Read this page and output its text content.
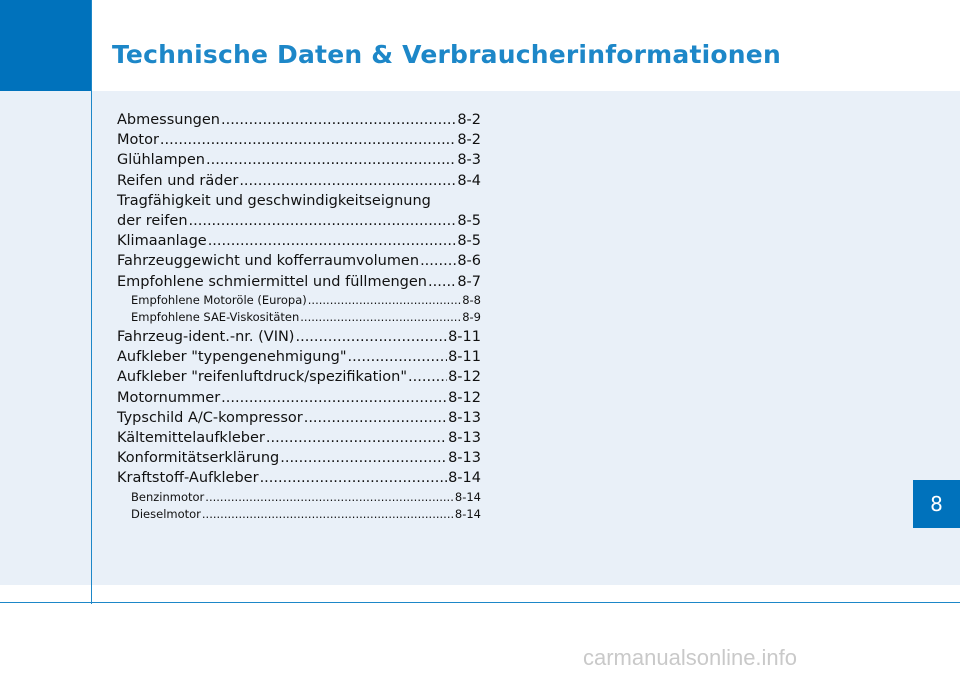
Technische Daten & Verbraucherinformationen
Abmessungen .....	8-2
Motor .....	8-2
Glühlampen .....	8-3
Reifen und räder .....	8-4
Tragfähigkeit und geschwindigkeitseignung
der reifen .....	8-5
Klimaanlage .....	8-5
Fahrzeuggewicht und kofferraumvolumen .....	8-6
Empfohlene schmiermittel und füllmengen ..... 8-7
Empfohlene Motoröle (Europa) .....	8-8
Empfohlene SAE-Viskositäten .....	8-9
Fahrzeug-ident.-nr. (VIN) .....	8-11
Aufkleber "typengenehmigung" .....	8-11
Aufkleber "reifenluftdruck/spezifikation" .....	8-12
Motornummer .....	8-12
Typschild A/C-kompressor .....	8-13
Kältemittelaufkleber .....	8-13
Konformitätserklärung .....	8-13
Kraftstoff-Aufkleber .....	8-14
Benzinmotor .....	8-14
Dieselmotor .....	8-14	8
carmanualsonline.info
